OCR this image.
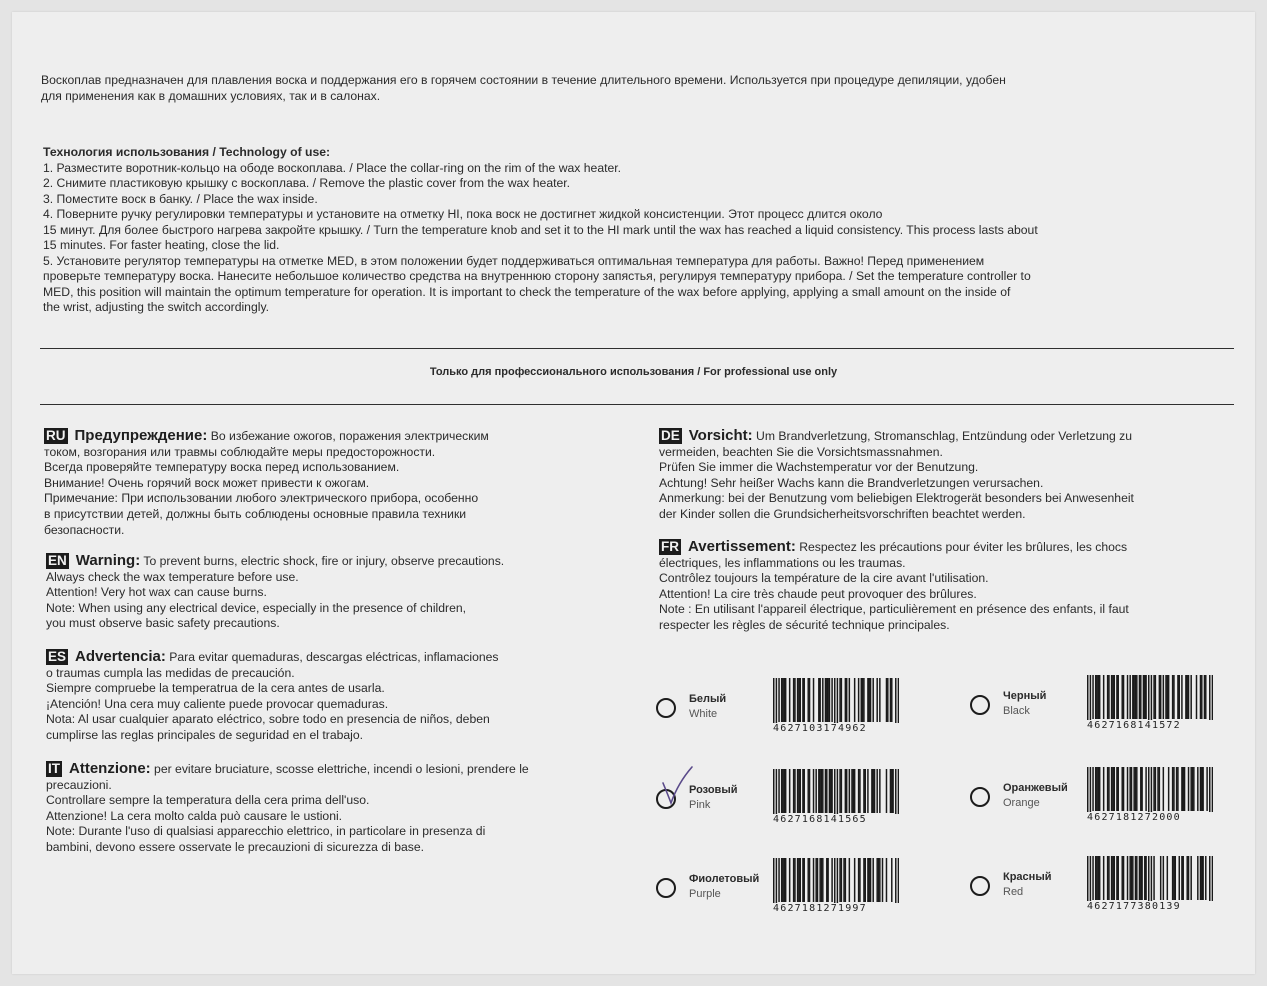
Воскоплав предназначен для плавления воска и поддержания его в горячем состоянии в течение длительного времени. Используется при процедуре депиляции, удобен
для применения как в домашних условиях, так и в салонах.
Технология использования / Technology of use:
1. Разместите воротник-кольцо на ободе воскоплава. / Place the collar-ring on the rim of the wax heater.
2. Снимите пластиковую крышку с воскоплава. / Remove the plastic cover from the wax heater.
3. Поместите воск в банку. / Place the wax inside.
4. Поверните ручку регулировки температуры и установите на отметку HI, пока воск не достигнет жидкой консистенции. Этот процесс длится около
15 минут. Для более быстрого нагрева закройте крышку. / Turn the temperature knob and set it to the HI mark until the wax has reached a liquid consistency. This process lasts about
15 minutes. For faster heating, close the lid.
5. Установите регулятор температуры на отметке MED, в этом положении будет поддерживаться оптимальная температура для работы. Важно! Перед применением
проверьте температуру воска. Нанесите небольшое количество средства на внутреннюю сторону запястья, регулируя температуру прибора. / Set the temperature controller to
MED, this position will maintain the optimum temperature for operation. It is important to check the temperature of the wax before applying, applying a small amount on the inside of
the wrist, adjusting the switch accordingly.
Только для профессионального использования / For professional use only
RU Предупреждение: Во избежание ожогов, поражения электрическим
током, возгорания или травмы соблюдайте меры предосторожности.
Всегда проверяйте температуру воска перед использованием.
Внимание! Очень горячий воск может привести к ожогам.
Примечание: При использовании любого электрического прибора, особенно
в присутствии детей, должны быть соблюдены основные правила техники
безопасности.
EN Warning: To prevent burns, electric shock, fire or injury, observe precautions.
Always check the wax temperature before use.
Attention! Very hot wax can cause burns.
Note: When using any electrical device, especially in the presence of children,
you must observe basic safety precautions.
ES Advertencia: Para evitar quemaduras, descargas eléctricas, inflamaciones
o traumas cumpla las medidas de precaución.
Siempre compruebe la temperatrua de la cera antes de usarla.
¡Atención! Una cera muy caliente puede provocar quemaduras.
Nota: Al usar cualquier aparato eléctrico, sobre todo en presencia de niños, deben
cumplirse las reglas principales de seguridad en el trabajo.
IT Attenzione: per evitare bruciature, scosse elettriche, incendi o lesioni, prendere le
precauzioni.
Controllare sempre la temperatura della cera prima dell'uso.
Attenzione! La cera molto calda può causare le ustioni.
Note: Durante l'uso di qualsiasi apparecchio elettrico, in particolare in presenza di
bambini, devono essere osservate le precauzioni di sicurezza di base.
DE Vorsicht: Um Brandverletzung, Stromanschlag, Entzündung oder Verletzung zu
vermeiden, beachten Sie die Vorsichtsmassnahmen.
Prüfen Sie immer die Wachstemperatur vor der Benutzung.
Achtung! Sehr heißer Wachs kann die Brandverletzungen verursachen.
Anmerkung: bei der Benutzung vom beliebigen Elektrogerät besonders bei Anwesenheit
der Kinder sollen die Grundsicherheitsvorschriften beachtet werden.
FR Avertissement: Respectez les précautions pour éviter les brûlures, les chocs
électriques, les inflammations ou les traumas.
Contrôlez toujours la température de la cire avant l'utilisation.
Attention! La cire très chaude peut provoquer des brûlures.
Note : En utilisant l'appareil électrique, particulièrement en présence des enfants, il faut
respecter les règles de sécurité technique principales.
Белый
White
4627103174962
Черный
Black
4627168141572
Розовый
Pink
4627168141565
Оранжевый
Orange
4627181272000
Фиолетовый
Purple
4627181271997
Красный
Red
4627177380139
